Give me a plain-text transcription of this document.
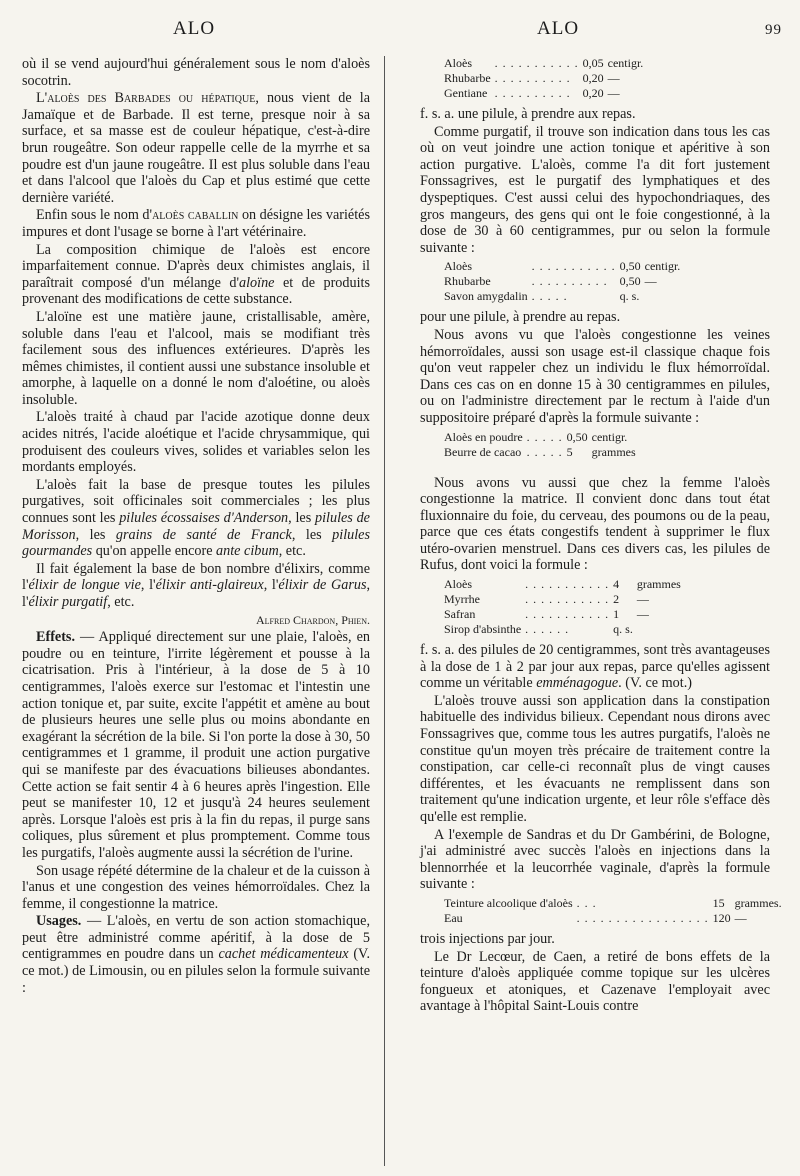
ALO	ALO	99

où il se vend aujourd'hui généralement sous le nom d'aloès socotrin.

L'aloès des Barbades ou hépatique, nous vient de la Jamaïque et de Barbade. Il est terne, presque noir à sa surface, et sa masse est de couleur hépatique, c'est-à-dire brun rougeâtre. Son odeur rappelle celle de la myrrhe et sa poudre est d'un jaune rougeâtre. Il est plus soluble dans l'eau et dans l'alcool que l'aloès du Cap et plus estimé que cette dernière variété.

Enfin sous le nom d'aloès caballin on désigne les variétés impures et dont l'usage se borne à l'art vétérinaire.

La composition chimique de l'aloès est encore imparfaitement connue. D'après deux chimistes anglais, il paraîtrait composé d'un mélange d'aloïne et de produits provenant des modifications de cette substance.

L'aloïne est une matière jaune, cristallisable, amère, soluble dans l'eau et l'alcool, mais se modifiant très facilement sous des influences extérieures. D'après les mêmes chimistes, il contient aussi une substance insoluble et amorphe, à laquelle on a donné le nom d'aloétine, ou aloès insoluble.

L'aloès traité à chaud par l'acide azotique donne deux acides nitrés, l'acide aloétique et l'acide chrysammique, qui produisent des couleurs vives, solides et variables selon les mordants employés.

L'aloès fait la base de presque toutes les pilules purgatives, soit officinales soit commerciales ; les plus connues sont les pilules écossaises d'Anderson, les pilules de Morisson, les grains de santé de Franck, les pilules gourmandes qu'on appelle encore ante cibum, etc.

Il fait également la base de bon nombre d'élixirs, comme l'élixir de longue vie, l'élixir anti-glaireux, l'élixir de Garus, l'élixir purgatif, etc.

Alfred Chardon, Phien.

Effets. — Appliqué directement sur une plaie, l'aloès, en poudre ou en teinture, l'irrite légèrement et pousse à la cicatrisation. Pris à l'intérieur, à la dose de 5 à 10 centigrammes, l'aloès exerce sur l'estomac et l'intestin une action tonique et, par suite, excite l'appétit et amène au bout de plusieurs heures une selle plus ou moins abondante en exagérant la sécrétion de la bile. Si l'on porte la dose à 30, 50 centigrammes et 1 gramme, il produit une action purgative qui se manifeste par des évacuations bilieuses abondantes. Cette action se fait sentir 4 à 6 heures après l'ingestion. Elle peut se manifester 10, 12 et jusqu'à 24 heures seulement après. Lorsque l'aloès est pris à la fin du repas, il purge sans coliques, plus sûrement et plus promptement. Comme tous les purgatifs, l'aloès augmente aussi la sécrétion de l'urine.

Son usage répété détermine de la chaleur et de la cuisson à l'anus et une congestion des veines hémorroïdales. Chez la femme, il congestionne la matrice.

Usages. — L'aloès, en vertu de son action stomachique, peut être administré comme apéritif, à la dose de 5 centigrammes en poudre dans un cachet médicamenteux (V. ce mot.) de Limousin, ou en pilules selon la formule suivante :

Aloès	. . . . . . . . . . .	0,05	centigr.
Rhubarbe	. . . . . . . . . .	0,20	—
Gentiane	. . . . . . . . . .	0,20	—

f. s. a. une pilule, à prendre aux repas.

Comme purgatif, il trouve son indication dans tous les cas où on veut joindre une action tonique et apéritive à son action purgative. L'aloès, comme l'a dit fort justement Fonssagrives, est le purgatif des lymphatiques et des dyspeptiques. C'est aussi celui des hypochondriaques, des gros mangeurs, des gens qui ont le foie congestionné, à la dose de 30 à 60 centigrammes, pur ou selon la formule suivante :

Aloès	. . . . . . . . . . .	0,50	centigr.
Rhubarbe	. . . . . . . . . .	0,50	—
Savon amygdalin	. . . . .	q. s.	

pour une pilule, à prendre au repas.

Nous avons vu que l'aloès congestionne les veines hémorroïdales, aussi son usage est-il classique chaque fois qu'on veut rappeler chez un individu le flux hémorroïdal. Dans ces cas on en donne 15 à 30 centigrammes en pilules, ou on l'administre directement par le rectum à l'aide d'un suppositoire préparé d'après la formule suivante :

Aloès en poudre	. . . . .	0,50	centigr.
Beurre de cacao	. . . . .	5	grammes

Nous avons vu aussi que chez la femme l'aloès congestionne la matrice. Il convient donc dans tout état fluxionnaire du foie, du cerveau, des poumons ou de la peau, parce que ces états congestifs tendent à supprimer le flux utéro-ovarien menstruel. Dans ces divers cas, les pilules de Rufus, dont voici la formule :

Aloès	. . . . . . . . . . .	4	grammes
Myrrhe	. . . . . . . . . . .	2	—
Safran	. . . . . . . . . . .	1	—
Sirop d'absinthe	. . . . . .	q. s.	

f. s. a. des pilules de 20 centigrammes, sont très avantageuses à la dose de 1 à 2 par jour aux repas, parce qu'elles agissent comme un véritable emménagogue. (V. ce mot.)

L'aloès trouve aussi son application dans la constipation habituelle des individus bilieux. Cependant nous dirons avec Fonssagrives que, comme tous les autres purgatifs, l'aloès ne constitue qu'un moyen très précaire de traitement contre la constipation, car celle-ci reconnaît plus de vingt causes différentes, et les évacuants ne remplissent dans son traitement qu'une indication urgente, et leur rôle s'efface dès qu'elle est remplie.

A l'exemple de Sandras et du Dr Gambérini, de Bologne, j'ai administré avec succès l'aloès en injections dans la blennorrhée et la leucorrhée vaginale, d'après la formule suivante :

Teinture alcoolique d'aloès	. . .	15	grammes.
Eau	. . . . . . . . . . . . . . . . .	120	—

trois injections par jour.

Le Dr Lecœur, de Caen, a retiré de bons effets de la teinture d'aloès appliquée comme topique sur les ulcères fongueux et atoniques, et Cazenave l'employait avec avantage à l'hôpital Saint-Louis contre
